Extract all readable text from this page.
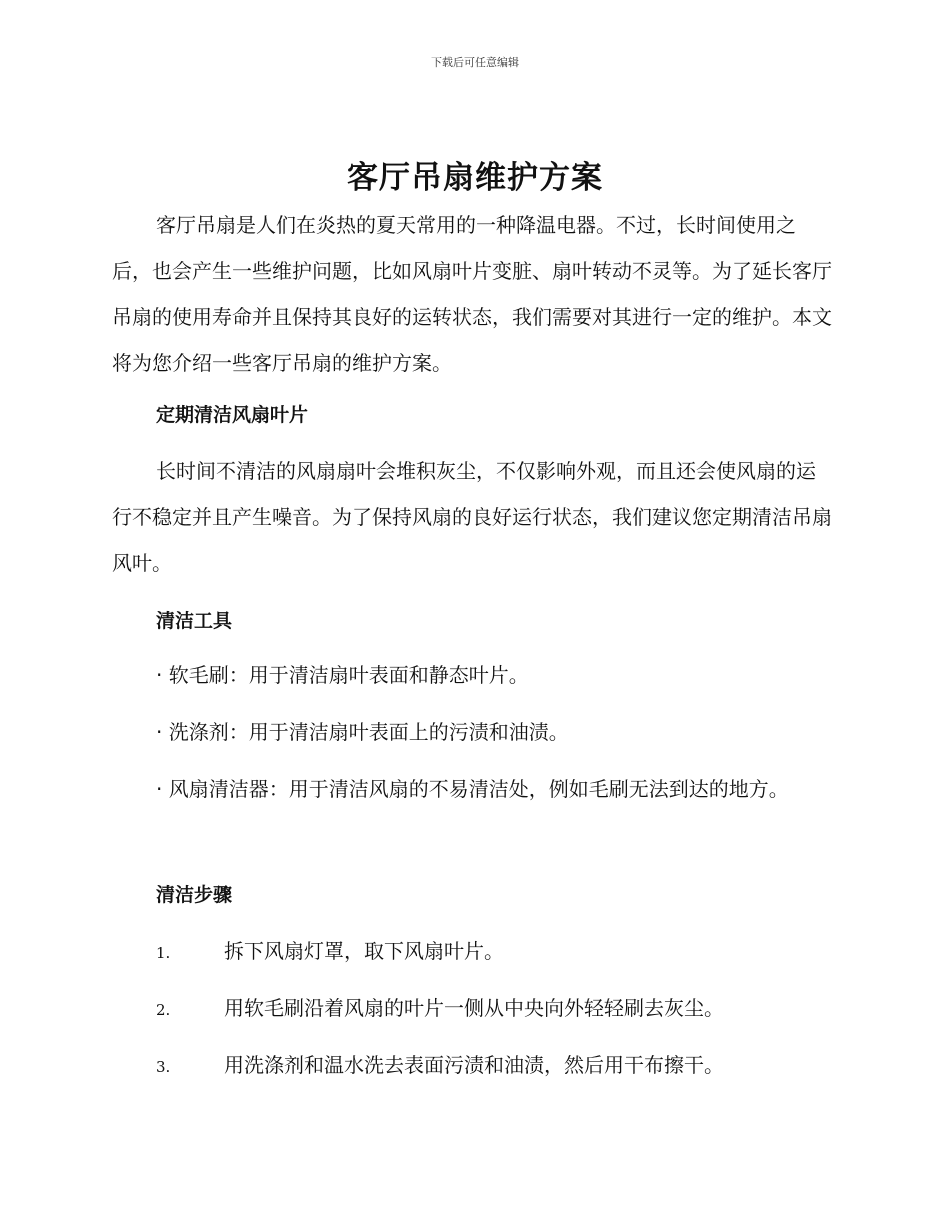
下载后可任意编辑
客厅吊扇维护方案

客厅吊扇是人们在炎热的夏天常用的一种降温电器。不过，长时间使用之后，也会产生一些维护问题，比如风扇叶片变脏、扇叶转动不灵等。为了延长客厅吊扇的使用寿命并且保持其良好的运转状态，我们需要对其进行一定的维护。本文将为您介绍一些客厅吊扇的维护方案。

定期清洁风扇叶片

长时间不清洁的风扇扇叶会堆积灰尘，不仅影响外观，而且还会使风扇的运行不稳定并且产生噪音。为了保持风扇的良好运行状态，我们建议您定期清洁吊扇风叶。

清洁工具

· 软毛刷：用于清洁扇叶表面和静态叶片。

· 洗涤剂：用于清洁扇叶表面上的污渍和油渍。

· 风扇清洁器：用于清洁风扇的不易清洁处，例如毛刷无法到达的地方。

清洁步骤

1.	拆下风扇灯罩，取下风扇叶片。

2.	用软毛刷沿着风扇的叶片一侧从中央向外轻轻刷去灰尘。

3.	用洗涤剂和温水洗去表面污渍和油渍，然后用干布擦干。
